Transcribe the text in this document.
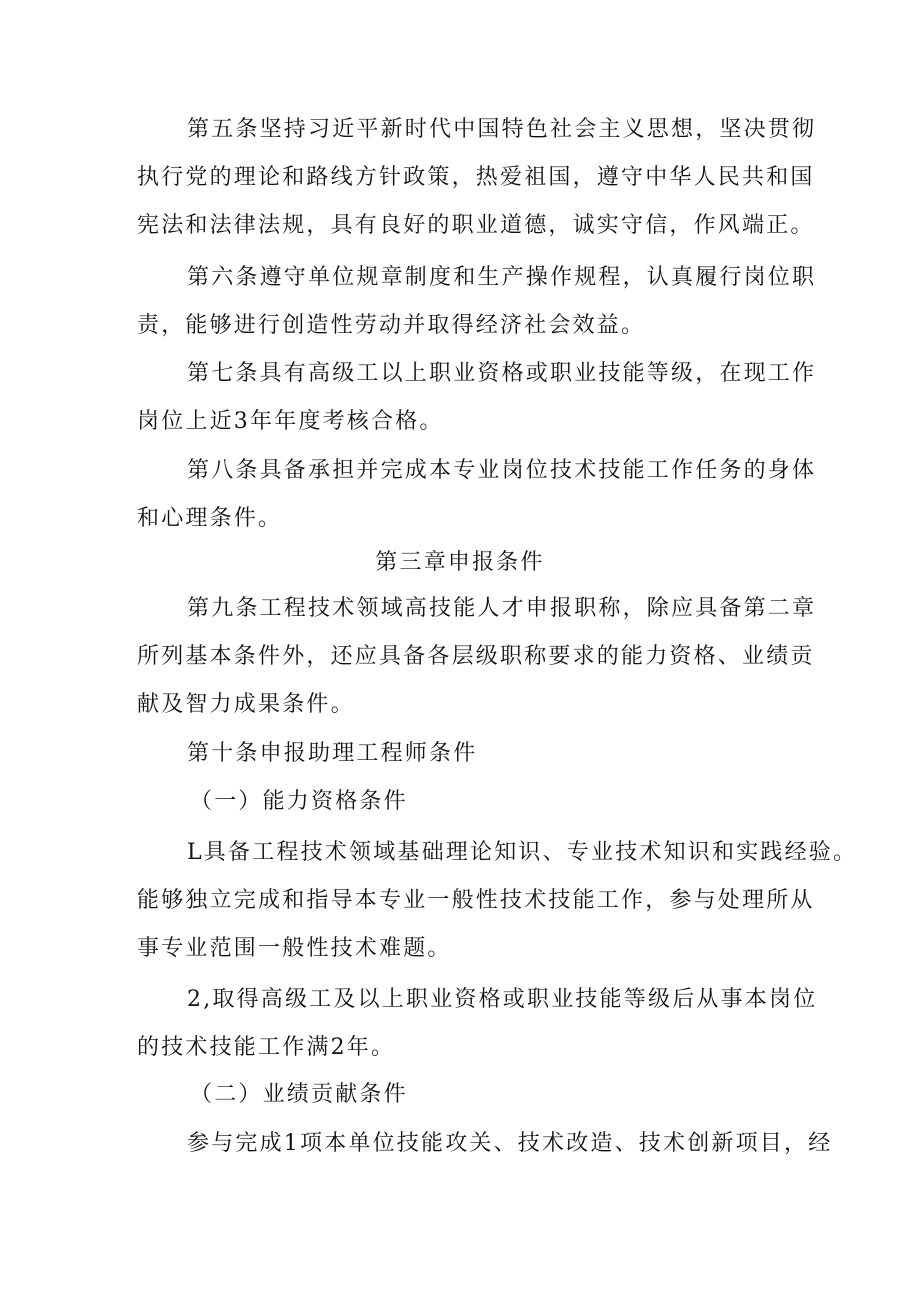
第五条坚持习近平新时代中国特色社会主义思想，坚决贯彻
执行党的理论和路线方针政策，热爱祖国，遵守中华人民共和国
宪法和法律法规，具有良好的职业道德，诚实守信，作风端正。
第六条遵守单位规章制度和生产操作规程，认真履行岗位职
责，能够进行创造性劳动并取得经济社会效益。
第七条具有高级工以上职业资格或职业技能等级，在现工作
岗位上近3年年度考核合格。
第八条具备承担并完成本专业岗位技术技能工作任务的身体
和心理条件。
第三章申报条件
第九条工程技术领域高技能人才申报职称，除应具备第二章
所列基本条件外，还应具备各层级职称要求的能力资格、业绩贡
献及智力成果条件。
第十条申报助理工程师条件
（一）能力资格条件
L具备工程技术领域基础理论知识、专业技术知识和实践经验。
能够独立完成和指导本专业一般性技术技能工作，参与处理所从
事专业范围一般性技术难题。
2,取得高级工及以上职业资格或职业技能等级后从事本岗位
的技术技能工作满2年。
（二）业绩贡献条件
参与完成1项本单位技能攻关、技术改造、技术创新项目，经
